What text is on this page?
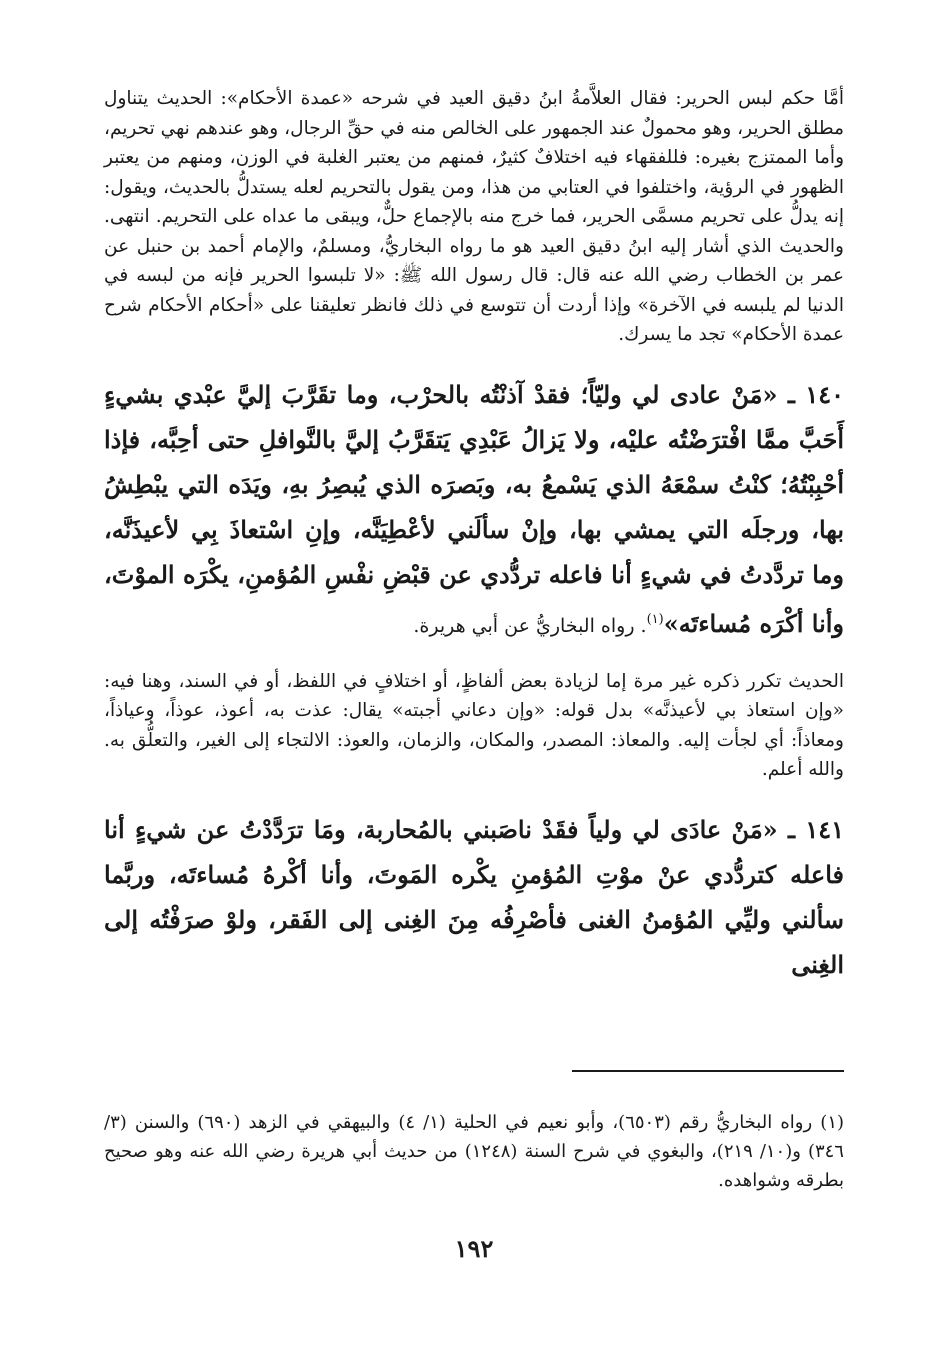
أمَّا حكم لبس الحرير: فقال العلاَّمةُ ابنُ دقيق العيد في شرحه «عمدة الأحكام»: الحديث يتناول مطلق الحرير، وهو محمولٌ عند الجمهور على الخالص منه في حقِّ الرجال، وهو عندهم نهي تحريم، وأما الممتزج بغيره: فللفقهاء فيه اختلافٌ كثيرٌ، فمنهم من يعتبر الغلبة في الوزن، ومنهم من يعتبر الظهور في الرؤية، واختلفوا في العتابي من هذا، ومن يقول بالتحريم لعله يستدلُّ بالحديث، ويقول: إنه يدلُّ على تحريم مسمَّى الحرير، فما خرج منه بالإجماع حلٌّ، ويبقى ما عداه على التحريم. انتهى. والحديث الذي أشار إليه ابنُ دقيق العيد هو ما رواه البخاريُّ، ومسلمٌ، والإمام أحمد بن حنبل عن عمر بن الخطاب رضي الله عنه قال: قال رسول الله ﷺ: «لا تلبسوا الحرير فإنه من لبسه في الدنيا لم يلبسه في الآخرة» وإذا أردت أن تتوسع في ذلك فانظر تعليقنا على «أحكام الأحكام شرح عمدة الأحكام» تجد ما يسرك.
١٤٠ ـ «مَنْ عادى لي وليّاً؛ فقدْ آذنْتُه بالحرْب، وما تقَرَّبَ إليَّ عبْدي بشيءٍ أَحَبَّ ممَّا افْترَضْتُه عليْه، ولا يَزالُ عَبْدِي يَتقَرَّبُ إليَّ بالنَّوافلِ حتى أحِبَّه، فإذا أحْبِبْتُهُ؛ كنْتُ سمْعَهُ الذي يَسْمعُ به، وبَصرَه الذي يُبصِرُ بهِ، ويَدَه التي يبْطِشُ بها، ورجلَه التي يمشي بها، وإنْ سألَني لأعْطِيَنَّه، وإنِ اسْتعاذَ بِي لأعيذَنَّه، وما تردَّدتُ في شيءٍ أنا فاعله تردُّدي عن قبْضِ نفْسِ المُؤمنِ، يكْرَه الموْتَ، وأنا أكْرَه مُساءتَه»$^{(١)}$. رواه البخاريُّ عن أبي هريرة.
الحديث تكرر ذكره غير مرة إما لزيادة بعض ألفاظٍ، أو اختلافٍ في اللفظ، أو في السند، وهنا فيه: «وإن استعاذ بي لأعيذنَّه» بدل قوله: «وإن دعاني أجبته» يقال: عذت به، أعوذ، عوذاً، وعياذاً، ومعاذاً: أي لجأت إليه. والمعاذ: المصدر، والمكان، والزمان، والعوذ: الالتجاء إلى الغير، والتعلُّق به. والله أعلم.
١٤١ ـ «مَنْ عادَى لي ولياً فقَدْ ناصَبني بالمُحاربة، ومَا ترَدَّدْتُ عن شيءٍ أنا فاعله كتردُّدي عنْ موْتِ المُؤمنِ يكْره المَوتَ، وأنا أكْرهُ مُساءتَه، وربَّما سألني وليِّي المُؤمنُ الغنى فأصْرِفُه مِنَ الغِنى إلى الفَقر، ولوْ صرَفْتُه إلى الغِنى
(١) رواه البخاريُّ رقم (٦٥٠٣)، وأبو نعيم في الحلية (١/ ٤) والبيهقي في الزهد (٦٩٠) والسنن (٣/ ٣٤٦) و(١٠/ ٢١٩)، والبغوي في شرح السنة (١٢٤٨) من حديث أبي هريرة رضي الله عنه وهو صحيح بطرقه وشواهده.
١٩٢
